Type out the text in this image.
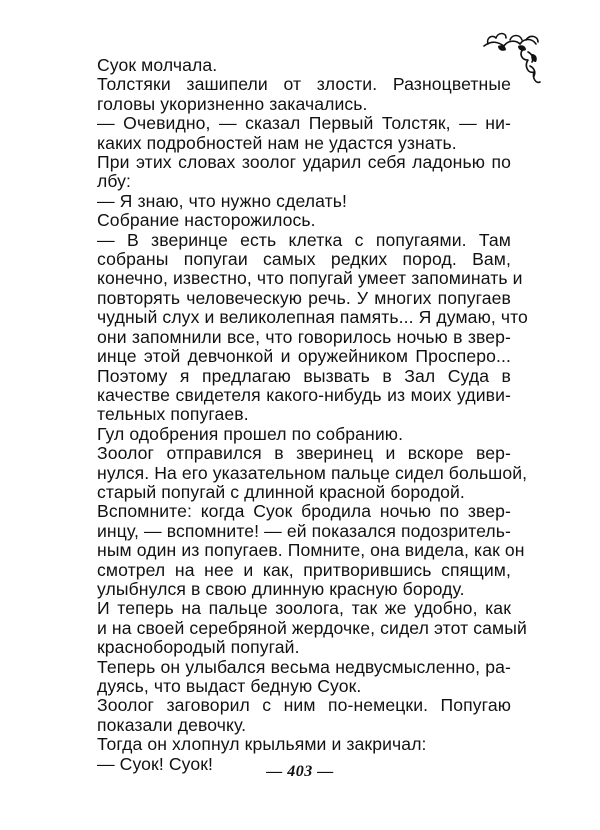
Суок молчала.

Толстяки зашипели от злости. Разноцветные
головы укоризненно закачались.

— Очевидно, — сказал Первый Толстяк, — ни-
каких подробностей нам не удастся узнать.

При этих словах зоолог ударил себя ладонью по
лбу:

— Я знаю, что нужно сделать!

Собрание насторожилось.

— В зверинце есть клетка с попугаями. Там
собраны попугаи самых редких пород. Вам,
конечно, известно, что попугай умеет запоминать и
повторять человеческую речь. У многих попугаев
чудный слух и великолепная память... Я думаю, что
они запомнили все, что говорилось ночью в звер-
инце этой девчонкой и оружейником Просперо...
Поэтому я предлагаю вызвать в Зал Суда в
качестве свидетеля какого-нибудь из моих удиви-
тельных попугаев.

Гул одобрения прошел по собранию.

Зоолог отправился в зверинец и вскоре вер-
нулся. На его указательном пальце сидел большой,
старый попугай с длинной красной бородой.

Вспомните: когда Суок бродила ночью по звер-
инцу, — вспомните! — ей показался подозритель-
ным один из попугаев. Помните, она видела, как он
смотрел на нее и как, притворившись спящим,
улыбнулся в свою длинную красную бороду.

И теперь на пальце зоолога, так же удобно, как
и на своей серебряной жердочке, сидел этот самый
краснобородый попугай.

Теперь он улыбался весьма недвусмысленно, ра-
дуясь, что выдаст бедную Суок.

Зоолог заговорил с ним по-немецки. Попугаю
показали девочку.

Тогда он хлопнул крыльями и закричал:

— Суок! Суок!	— 403 —
